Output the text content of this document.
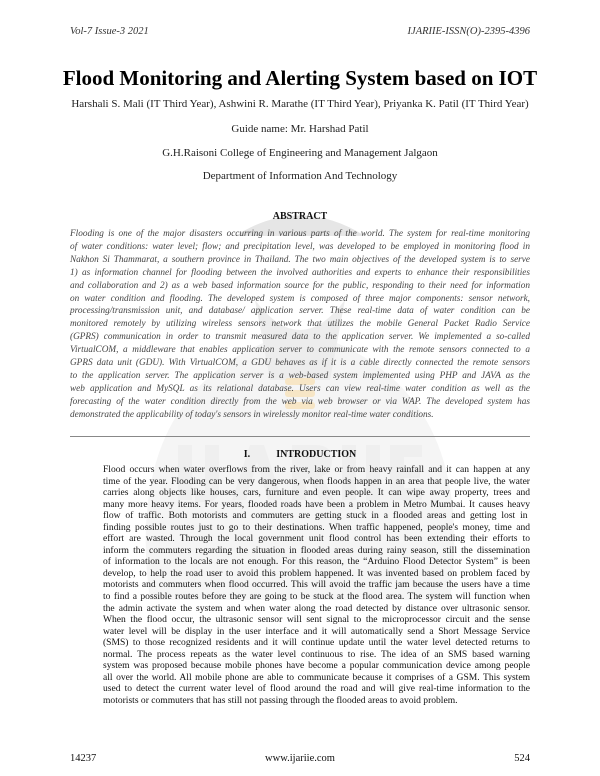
Vol-7 Issue-3 2021	IJARIIE-ISSN(O)-2395-4396
Flood Monitoring and Alerting System based on IOT
Harshali S. Mali (IT Third Year), Ashwini R. Marathe (IT Third Year), Priyanka K. Patil (IT Third Year)
Guide name: Mr. Harshad Patil
G.H.Raisoni College of Engineering and Management Jalgaon
Department of Information And Technology
ABSTRACT
Flooding is one of the major disasters occurring in various parts of the world. The system for real-time monitoring
of water conditions: water level; flow; and precipitation level, was developed to be employed in monitoring flood in
Nakhon Si Thammarat, a southern province in Thailand. The two main objectives of the developed system is to serve
1) as information channel for flooding between the involved authorities and experts to enhance their responsibilities
and collaboration and 2) as a web based information source for the public, responding to their need for information
on water condition and flooding. The developed system is composed of three major components: sensor network,
processing/transmission unit, and database/ application server. These real-time data of water condition can be
monitored remotely by utilizing wireless sensors network that utilizes the mobile General Packet Radio Service
(GPRS) communication in order to transmit measured data to the application server. We implemented a so-called
VirtualCOM, a middleware that enables application server to communicate with the remote sensors connected to a
GPRS data unit (GDU). With VirtualCOM, a GDU behaves as if it is a cable directly connected the remote sensors
to the application server. The application server is a web-based system implemented using PHP and JAVA as the
web application and MySQL as its relational database. Users can view real-time water condition as well as the
forecasting of the water condition directly from the web via web browser or via WAP. The developed system has
demonstrated the applicability of today's sensors in wirelessly monitor real-time water conditions.
I.	INTRODUCTION
Flood occurs when water overflows from the river, lake or from heavy rainfall and it can happen at any
time of the year. Flooding can be very dangerous, when floods happen in an area that people live, the water
carries along objects like houses, cars, furniture and even people. It can wipe away property, trees and
many more heavy items. For years, flooded roads have been a problem in Metro Mumbai. It causes heavy
flow of traffic. Both motorists and commuters are getting stuck in a flooded areas and getting lost in
finding possible routes just to go to their destinations. When traffic happened, people's money, time and
effort are wasted. Through the local government unit flood control has been extending their efforts to
inform the commuters regarding the situation in flooded areas during rainy season, still the dissemination
of information to the locals are not enough. For this reason, the “Arduino Flood Detector System” is been
develop, to help the road user to avoid this problem happened. It was invented based on problem faced by
motorists and commuters when flood occurred. This will avoid the traffic jam because the users have a time
to find a possible routes before they are going to be stuck at the flood area. The system will function when
the admin activate the system and when water along the road detected by distance over ultrasonic sensor.
When the flood occur, the ultrasonic sensor will sent signal to the microprocessor circuit and the sense
water level will be display in the user interface and it will automatically send a Short Message Service
(SMS) to those recognized residents and it will continue update until the water level detected returns to
normal. The process repeats as the water level continuous to rise. The idea of an SMS based warning
system was proposed because mobile phones have become a popular communication device among people
all over the world. All mobile phone are able to communicate because it comprises of a GSM. This system
used to detect the current water level of flood around the road and will give real-time information to the
motorists or commuters that has still not passing through the flooded areas to avoid problem.
14237	www.ijariie.com	524
